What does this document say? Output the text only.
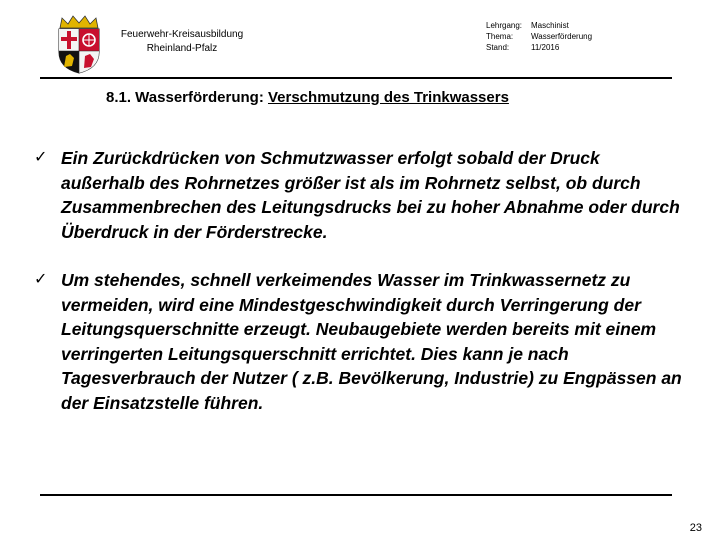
Feuerwehr-Kreisausbildung
Rheinland-Pfalz
Lehrgang:	Maschinist
Thema:	Wasserförderung
Stand:	11/2016
8.1. Wasserförderung: Verschmutzung des Trinkwassers
✓ Ein Zurückdrücken von Schmutzwasser erfolgt sobald der Druck außerhalb des Rohrnetzes größer ist als im Rohrnetz selbst, ob durch Zusammenbrechen des Leitungsdrucks bei zu hoher Abnahme oder durch Überdruck in der Förderstrecke.
✓ Um stehendes, schnell verkeimendes Wasser im Trinkwassernetz zu vermeiden, wird eine Mindestgeschwindigkeit durch Verringerung der Leitungsquerschnitte erzeugt. Neubaugebiete werden bereits mit einem verringerten Leitungsquerschnitt errichtet. Dies kann je nach Tagesverbrauch der Nutzer ( z.B. Bevölkerung, Industrie) zu Engpässen an der Einsatzstelle führen.
23
